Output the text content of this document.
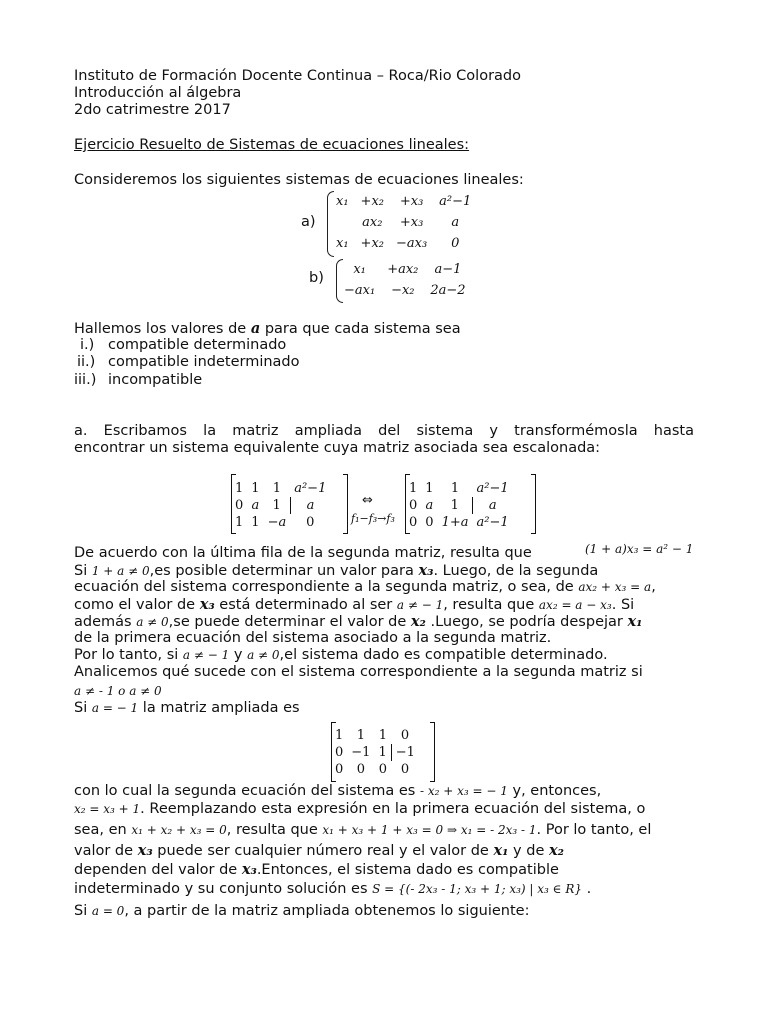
Instituto de Formación Docente Continua – Roca/Rio Colorado
Introducción al álgebra
2do catrimestre 2017
Ejercicio Resuelto de Sistemas de ecuaciones lineales:
Consideremos los siguientes sistemas de ecuaciones lineales:
a)
x₁	+x₂	+x₃	a²−1
	ax₂	+x₃	a
x₁	+x₂	−ax₃	0
b)
x₁	+ax₂	a−1
−ax₁	−x₂	2a−2
Hallemos los valores de a para que cada sistema sea
i.) compatible determinado
ii.) compatible indeterminado
iii.) incompatible
a. Escribamos la matriz ampliada del sistema y transformémosla hasta
encontrar un sistema equivalente cuya matriz asociada sea escalonada:
1	1	1	a²−1
0	a	1	a
1	1	−a	0
⇔
f₁−f₃→f₃
1	1	1	a²−1
0	a	1	a
0	0	1+a	a²−1
De acuerdo con la última fila de la segunda matriz, resulta que	(1 + a)x₃ = a² − 1
Si 1 + a ≠ 0,es posible determinar un valor para x₃. Luego, de la segunda
ecuación del sistema correspondiente a la segunda matriz, o sea, de ax₂ + x₃ = a,
como el valor de x₃ está determinado al ser a ≠ − 1, resulta que ax₂ = a − x₃. Si
además a ≠ 0,se puede determinar el valor de x₂ .Luego, se podría despejar x₁
de la primera ecuación del sistema asociado a la segunda matriz.
Por lo tanto, si a ≠ − 1 y a ≠ 0,el sistema dado es compatible determinado.
Analicemos qué sucede con el sistema correspondiente a la segunda matriz si
a ≠ - 1 o a ≠ 0
Si a = − 1 la matriz ampliada es
1	1	1	0
0	−1	1	−1
0	0	0	0
con lo cual la segunda ecuación del sistema es - x₂ + x₃ = − 1 y, entonces,
x₂ = x₃ + 1. Reemplazando esta expresión en la primera ecuación del sistema, o
sea, en x₁ + x₂ + x₃ = 0, resulta que x₁ + x₃ + 1 + x₃ = 0 ⇒ x₁ = - 2x₃ - 1. Por lo tanto, el
valor de x₃ puede ser cualquier número real y el valor de x₁ y de x₂
dependen del valor de x₃.Entonces, el sistema dado es compatible
indeterminado y su conjunto solución es S = {(- 2x₃ - 1; x₃ + 1; x₃) | x₃ ∈ R} .
Si a = 0, a partir de la matriz ampliada obtenemos lo siguiente:
